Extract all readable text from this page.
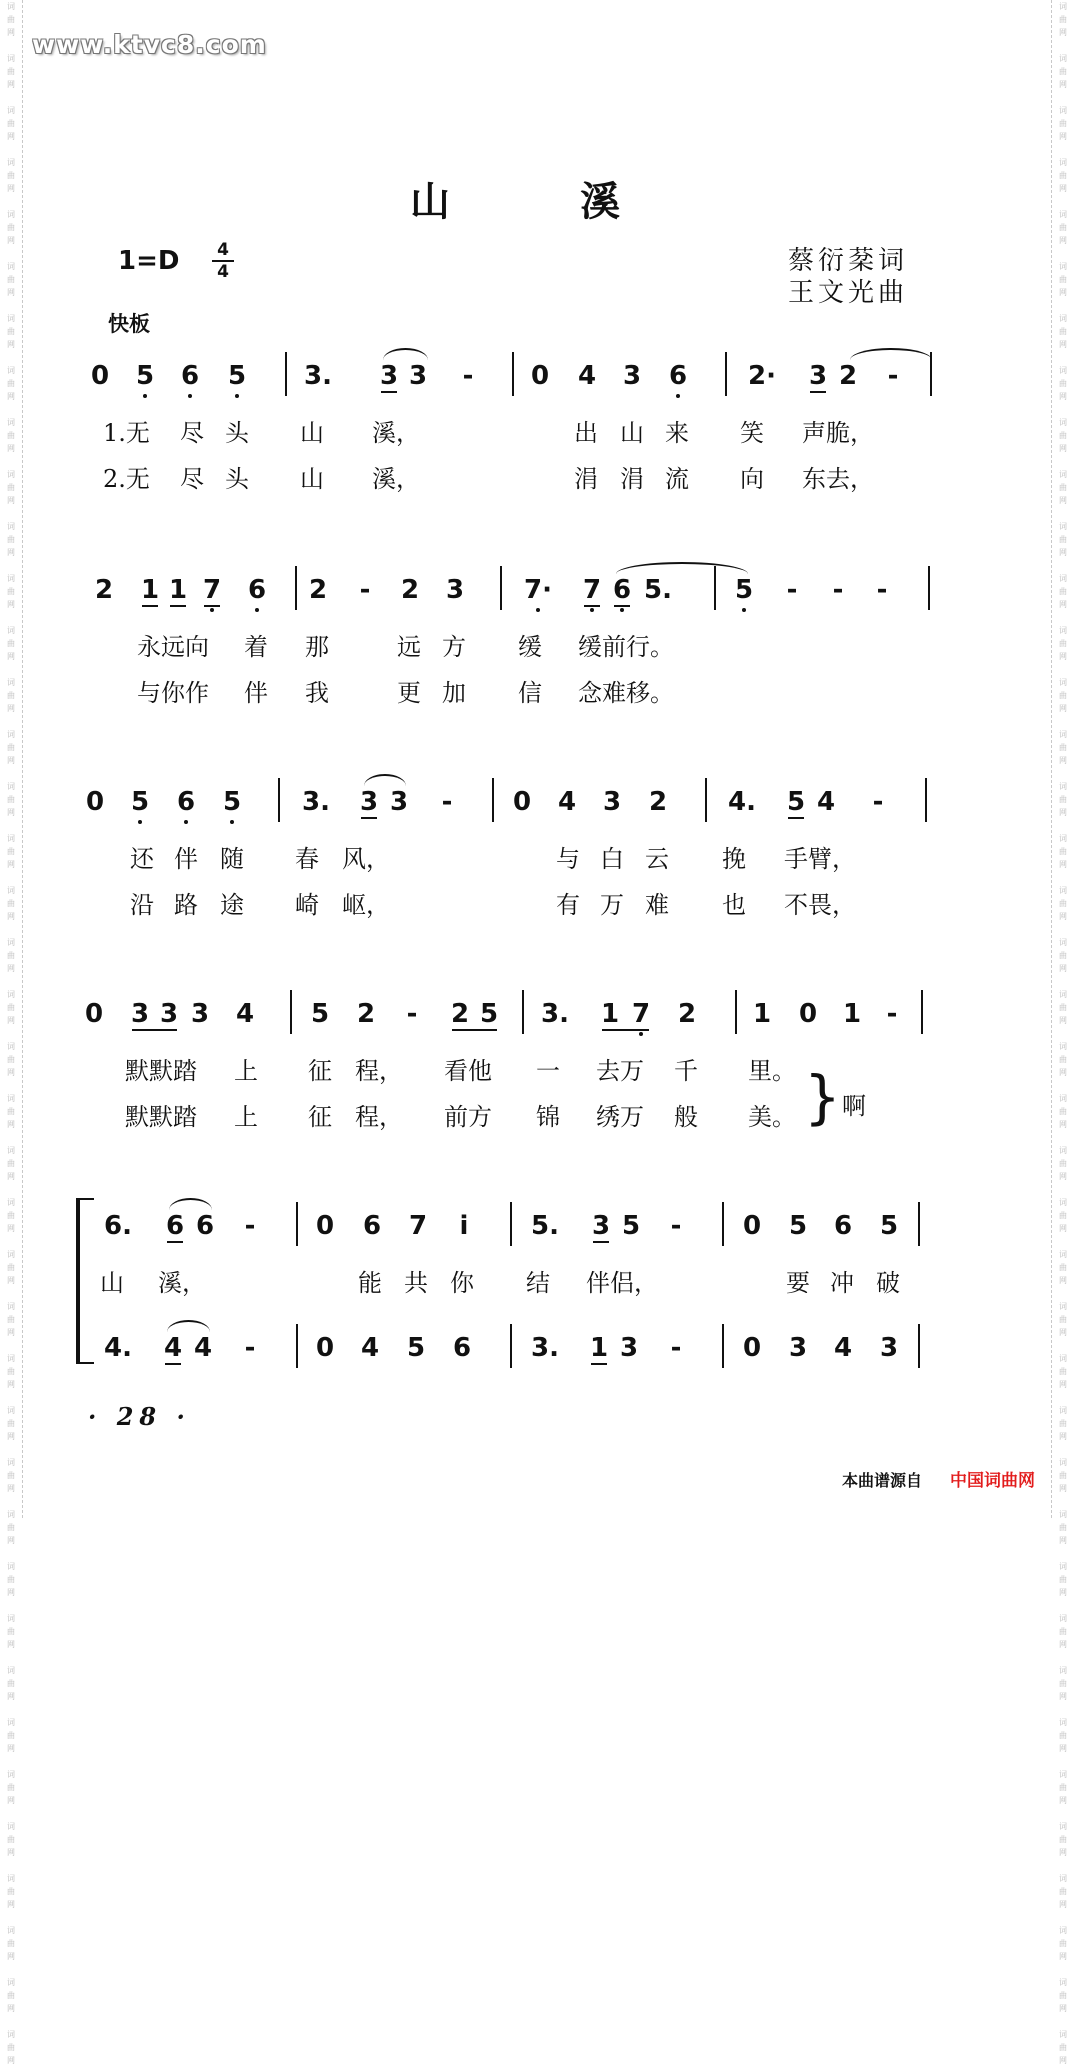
词
曲
网

词
曲
网

词
曲
网

词
曲
网

词
曲
网

词
曲
网

词
曲
网

词
曲
网

词
曲
网

词
曲
网

词
曲
网

词
曲
网

词
曲
网

词
曲
网

词
曲
网

词
曲
网

词
曲
网

词
曲
网

词
曲
网

词
曲
网

词
曲
网

词
曲
网

词
曲
网

词
曲
网

词
曲
网

词
曲
网

词
曲
网

词
曲
网

词
曲
网

词
曲
网

词
曲
网

词
曲
网

词
曲
网

词
曲
网

词
曲
网

词
曲
网

词
曲
网

词
曲
网

词
曲
网

词
曲
网

词
曲
网

词
曲
网

词
曲
网

词
曲
网

词
曲
网

词
曲
网

词
曲
网

词
曲
网

词
曲
网

词
曲
网

词
曲
网

词
曲
网

词
曲
网

词
曲
网

词
曲
网

词
曲
网

词
曲
网

词
曲
网

词
曲
网

词
曲
网

词
曲
网

词
曲
网

词
曲
网

词
曲
网

词
曲
网

词
曲
网

词
曲
网

词
曲
网

词
曲
网

词
曲
网

词
曲
网

词
曲
网

词
曲
网

词
曲
网

词
曲
网

词
曲
网

词
曲
网

词
曲
网

词
曲
网

词
曲
网

www.ktvc8.com
山	溪
$1=D \frac{4}{4}$	蔡衍棻词
王文光曲
快板
0 5 6 5 3. 3 3 - 0 4 3 6 2· 3 2 -
1.无 尽 头 山 溪，	出 山 来 笑 声脆，
2.无 尽 头 山 溪，	涓 涓 流 向 东去，
2 1 1 7 6 2 - 2 3 7· 7 6 5. 5 - - -
永远向 着 那	远 方 缓 缓前行。
与你作 伴 我	更 加 信 念难移。
0 5 6 5 3. 3 3 - 0 4 3 2 4. 5 4 -
还 伴 随 春 风，	与 白 云 挽 手臂，
沿 路 途 崎 岖，	有 万 难 也 不畏，
0 3 3 3 4 5 2 - 2 5 3. 1 7 2 1 0 1 -
默默踏 上 征 程， 看他 一 去万 千 里。
默默踏 上 征 程， 前方 锦 绣万 般 美。
6. 6 6 - 0 6 7 i 5. 3 5 - 0 5 6 5
山 溪，	能 共 你 结 伴侣，	要 冲 破
4. 4 4 - 0 4 5 6 3. 1 3 - 0 3 4 3
} 啊
· 28 ·
本曲谱源自 中国词曲网
